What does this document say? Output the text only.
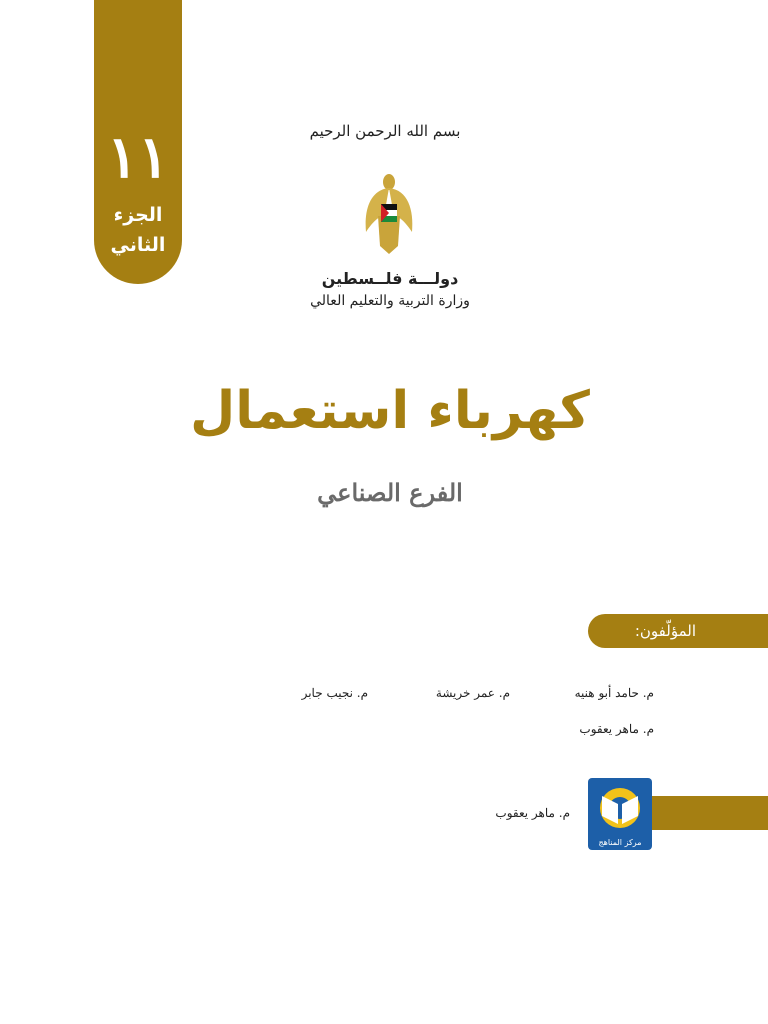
١١
الجزء
الثاني
بسم الله الرحمن الرحيم
دولـــة فلــسطين
وزارة التربية والتعليم العالي
كهرباء استعمال
الفرع الصناعي
المؤلّفون:
م. حامد أبو هنيه
م. عمر خريشة
م. نجيب جابر
م. ماهر يعقوب
م. ماهر يعقوب
مركز المناهج
